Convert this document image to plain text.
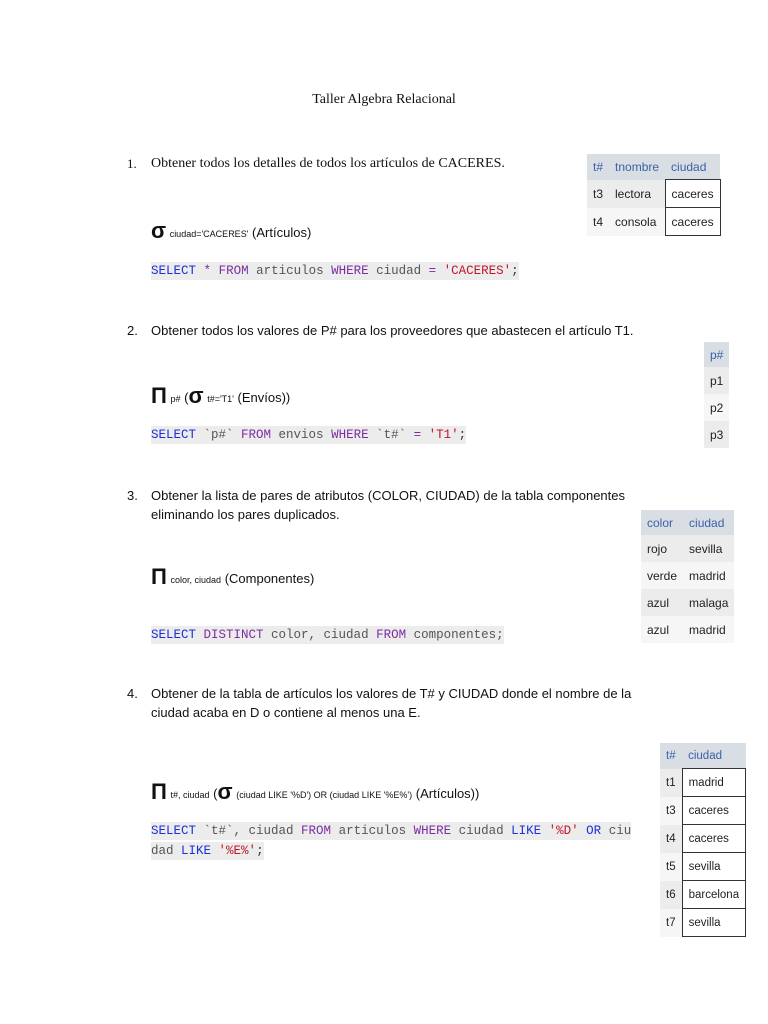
Taller Algebra Relacional
1. Obtener todos los detalles de todos los artículos de CACERES.
σ ciudad='CACERES' (Artículos)
SELECT * FROM articulos WHERE ciudad = 'CACERES';
t#	tnombre	ciudad
t3	lectora	caceres
t4	consola	caceres
2. Obtener todos los valores de P# para los proveedores que abastecen el artículo T1.
Π p# (σ t#='T1' (Envíos))
SELECT `p#` FROM envios WHERE `t#` = 'T1';
p#
p1
p2
p3
3. Obtener la lista de pares de atributos (COLOR, CIUDAD) de la tabla componentes
eliminando los pares duplicados.
Π color, ciudad (Componentes)
SELECT DISTINCT color, ciudad FROM componentes;
color	ciudad
rojo	sevilla
verde	madrid
azul	malaga
azul	madrid
4. Obtener de la tabla de artículos los valores de T# y CIUDAD donde el nombre de la
ciudad acaba en D o contiene al menos una E.
Π t#, ciudad (σ (ciudad LIKE '%D') OR (ciudad LIKE '%E%') (Artículos))
SELECT `t#`, ciudad FROM articulos WHERE ciudad LIKE '%D' OR ciu
dad LIKE '%E%';
t#	ciudad
t1	madrid
t3	caceres
t4	caceres
t5	sevilla
t6	barcelona
t7	sevilla
